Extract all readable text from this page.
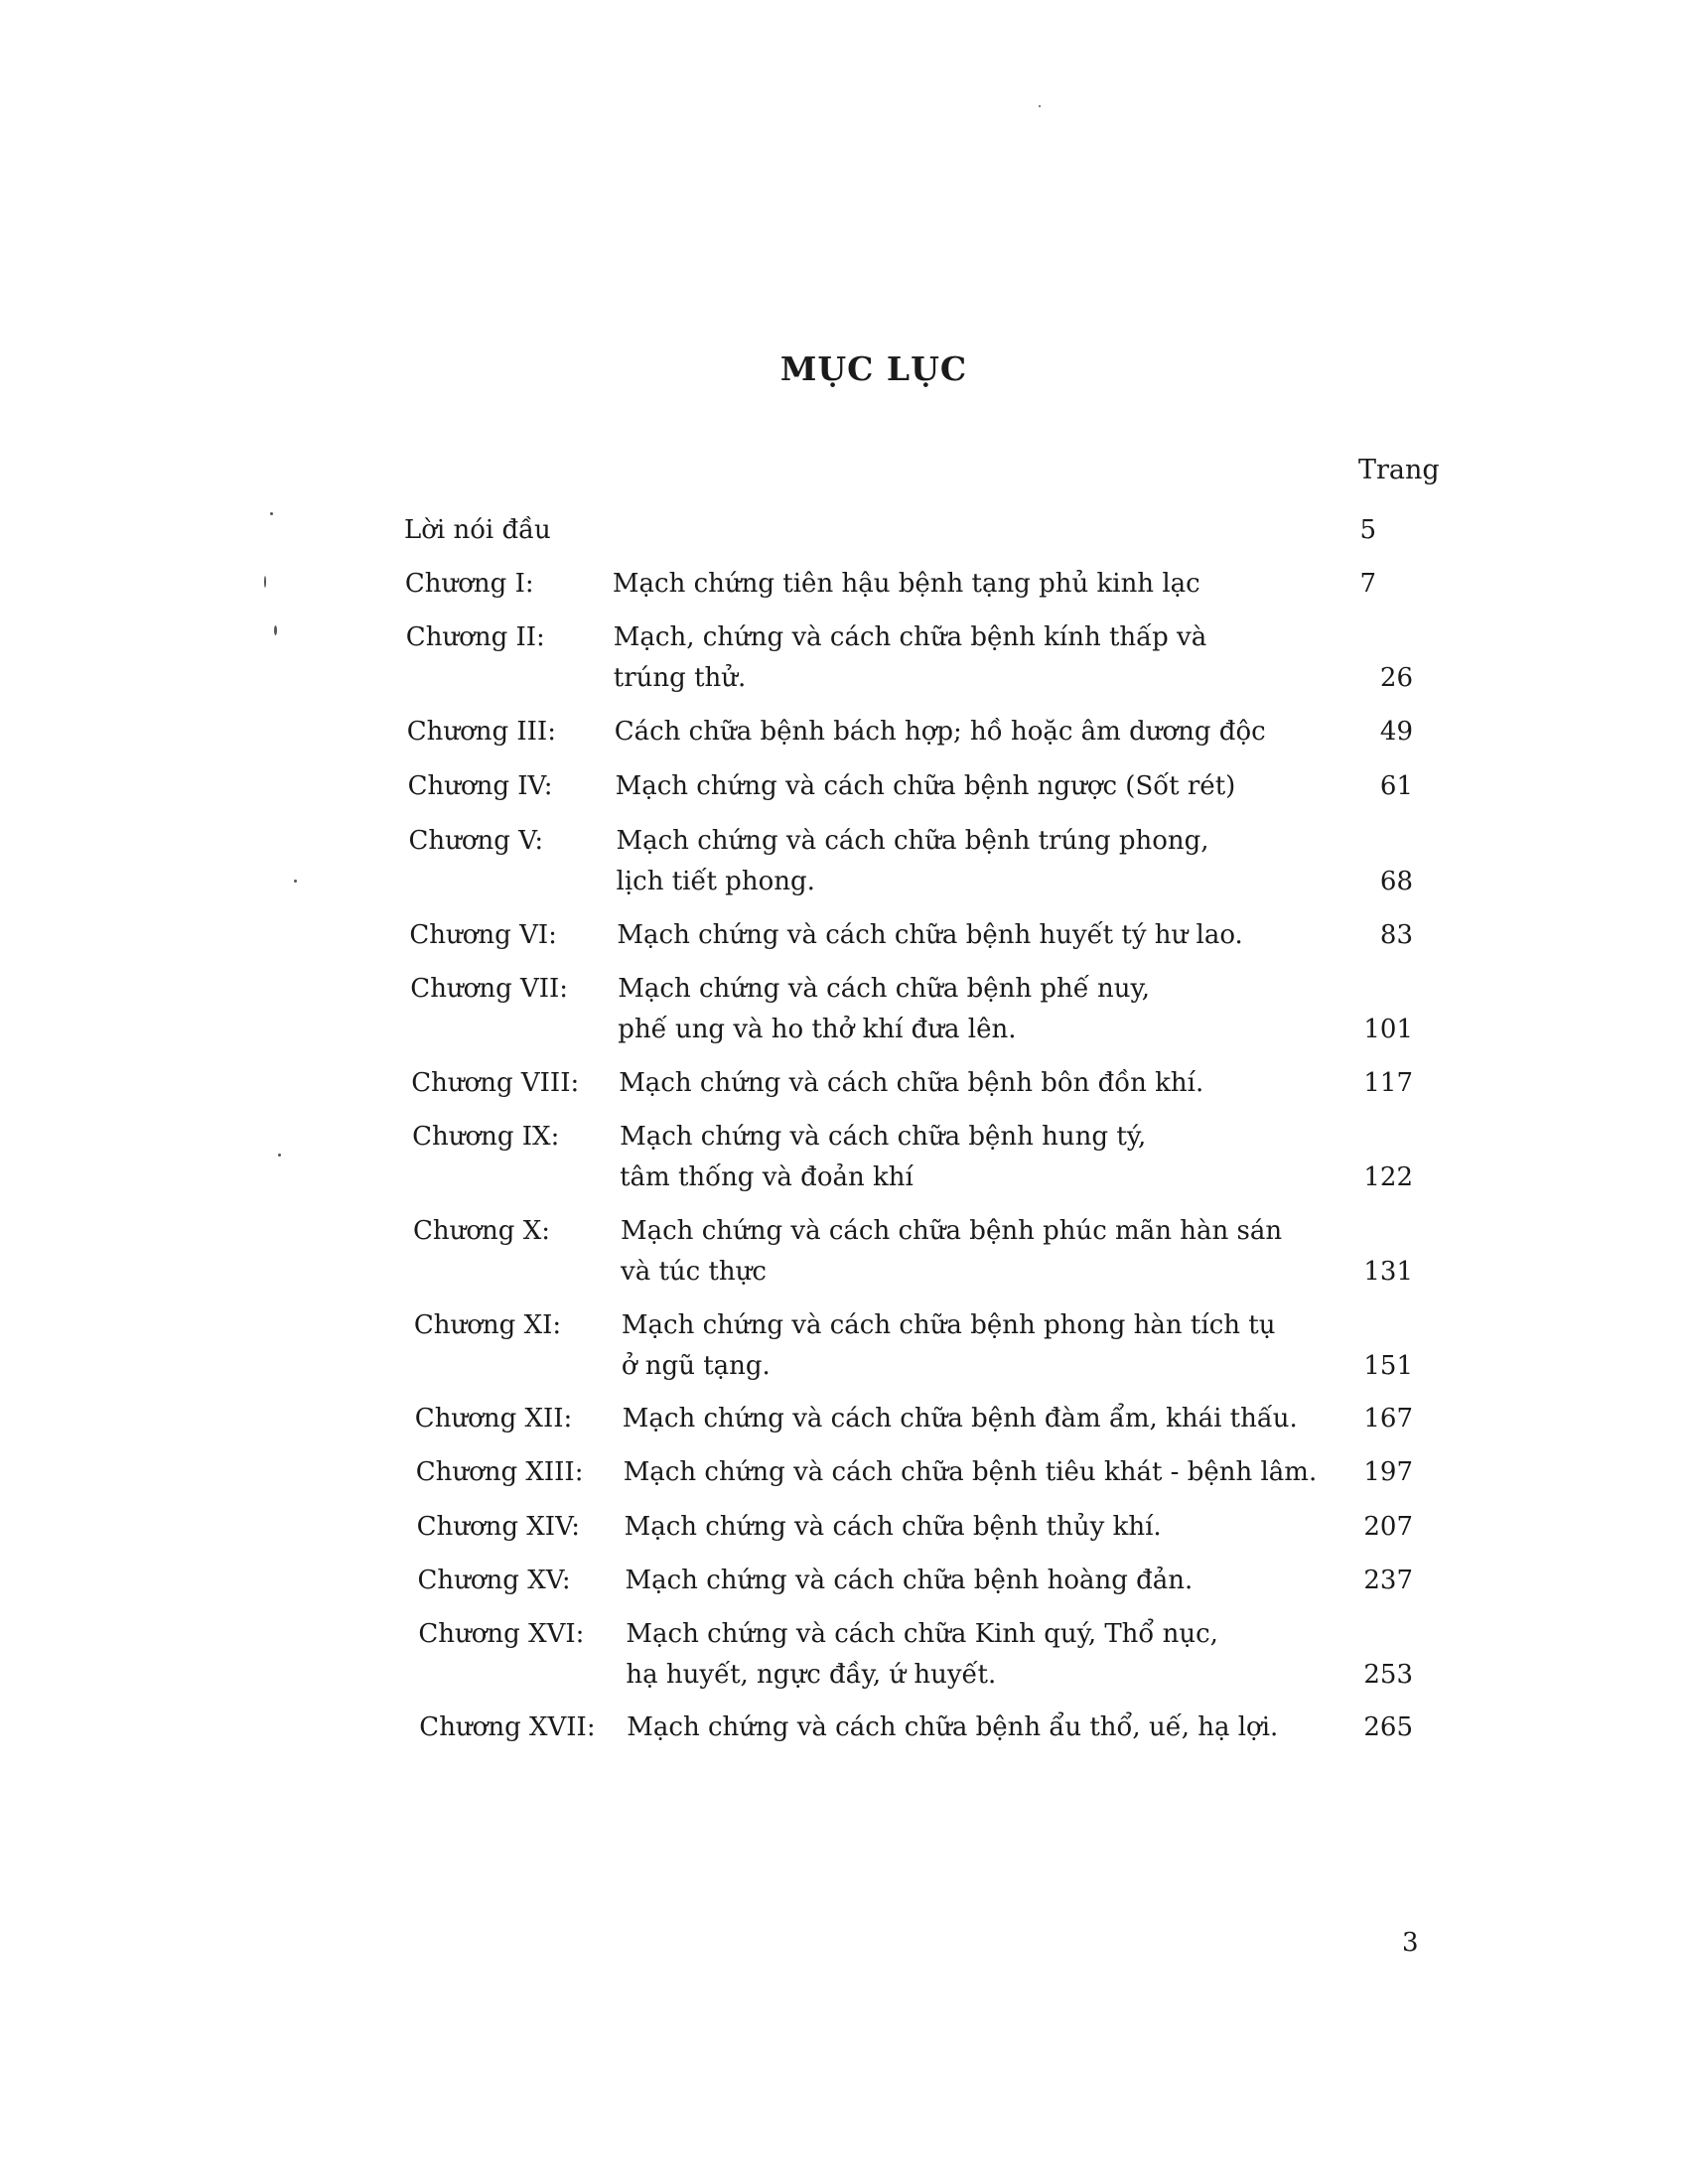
MỤC LỤC
Trang
Lời nói đầu	5
Chương I:	Mạch chứng tiên hậu bệnh tạng phủ kinh lạc	7
Chương II:	Mạch, chứng và cách chữa bệnh kính thấp và
trúng thử.	26
Chương III: Cách chữa bệnh bách hợp; hồ hoặc âm dương độc	49
Chương IV: Mạch chứng và cách chữa bệnh ngược (Sốt rét)	61
Chương V:	Mạch chứng và cách chữa bệnh trúng phong,
lịch tiết phong.	68
Chương VI: Mạch chứng và cách chữa bệnh huyết tý hư lao.	83
Chương VII: Mạch chứng và cách chữa bệnh phế nuy,
phế ung và ho thở khí đưa lên.	101
Chương VIII: Mạch chứng và cách chữa bệnh bôn đồn khí.	117
Chương IX: Mạch chứng và cách chữa bệnh hung tý,
tâm thống và đoản khí	122
Chương X:	Mạch chứng và cách chữa bệnh phúc mãn hàn sán
và túc thực	131
Chương XI: Mạch chứng và cách chữa bệnh phong hàn tích tụ
ở ngũ tạng.	151
Chương XII: Mạch chứng và cách chữa bệnh đàm ẩm, khái thấu.	167
Chương XIII: Mạch chứng và cách chữa bệnh tiêu khát - bệnh lâm.	197
Chương XIV: Mạch chứng và cách chữa bệnh thủy khí.	207
Chương XV: Mạch chứng và cách chữa bệnh hoàng đản.	237
Chương XVI: Mạch chứng và cách chữa Kinh quý, Thổ nục,
hạ huyết, ngực đầy, ứ huyết.	253
Chương XVII: Mạch chứng và cách chữa bệnh ẩu thổ, uế, hạ lợi.	265
3
